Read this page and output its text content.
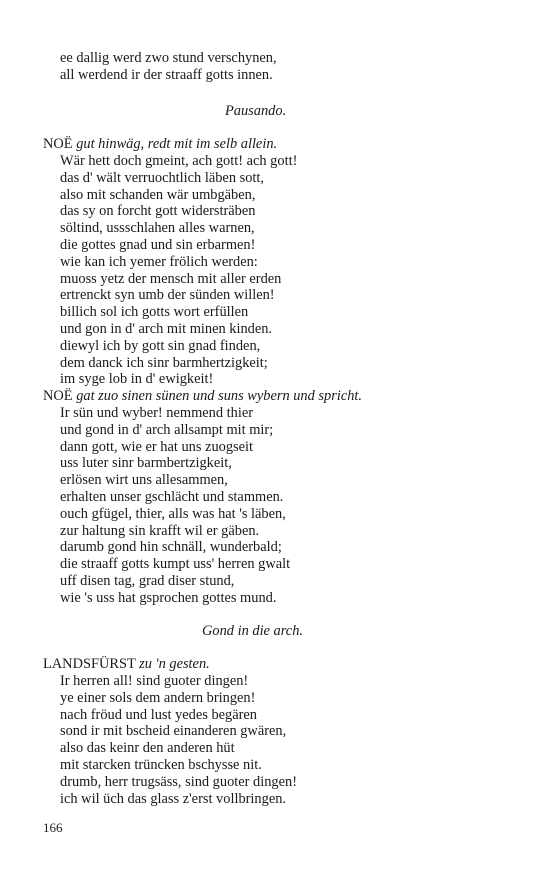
ee dallig werd zwo stund verschynen,
all werdend ir der straaff gotts innen.
Pausando.
NOË gut hinwäg, redt mit im selb allein.
Wär hett doch gmeint, ach gott! ach gott!
das d' wält verruochtlich läben sott,
also mit schanden wär umbgäben,
das sy on forcht gott widersträben
söltind, ussschlahen alles warnen,
die gottes gnad und sin erbarmen!
wie kan ich yemer frölich werden:
muoss yetz der mensch mit aller erden
ertrenckt syn umb der sünden willen!
billich sol ich gotts wort erfüllen
und gon in d' arch mit minen kinden.
diewyl ich by gott sin gnad finden,
dem danck ich sinr barmhertzigkeit;
im syge lob in d' ewigkeit!
NOË gat zuo sinen sünen und suns wybern und spricht.
Ir sün und wyber! nemmend thier
und gond in d' arch allsampt mit mir;
dann gott, wie er hat uns zuogseit
uss luter sinr barmbertzigkeit,
erlösen wirt uns allesammen,
erhalten unser gschlächt und stammen.
ouch gfügel, thier, alls was hat 's läben,
zur haltung sin krafft wil er gäben.
darumb gond hin schnäll, wunderbald;
die straaff gotts kumpt uss' herren gwalt
uff disen tag, grad diser stund,
wie 's uss hat gsprochen gottes mund.
Gond in die arch.
LANDSFÜRST zu 'n gesten.
Ir herren all! sind guoter dingen!
ye einer sols dem andern bringen!
nach fröud und lust yedes begären
sond ir mit bscheid einanderen gwären,
also das keinr den anderen hüt
mit starcken trüncken bschysse nit.
drumb, herr trugsäss, sind guoter dingen!
ich wil üch das glass z'erst vollbringen.
166
